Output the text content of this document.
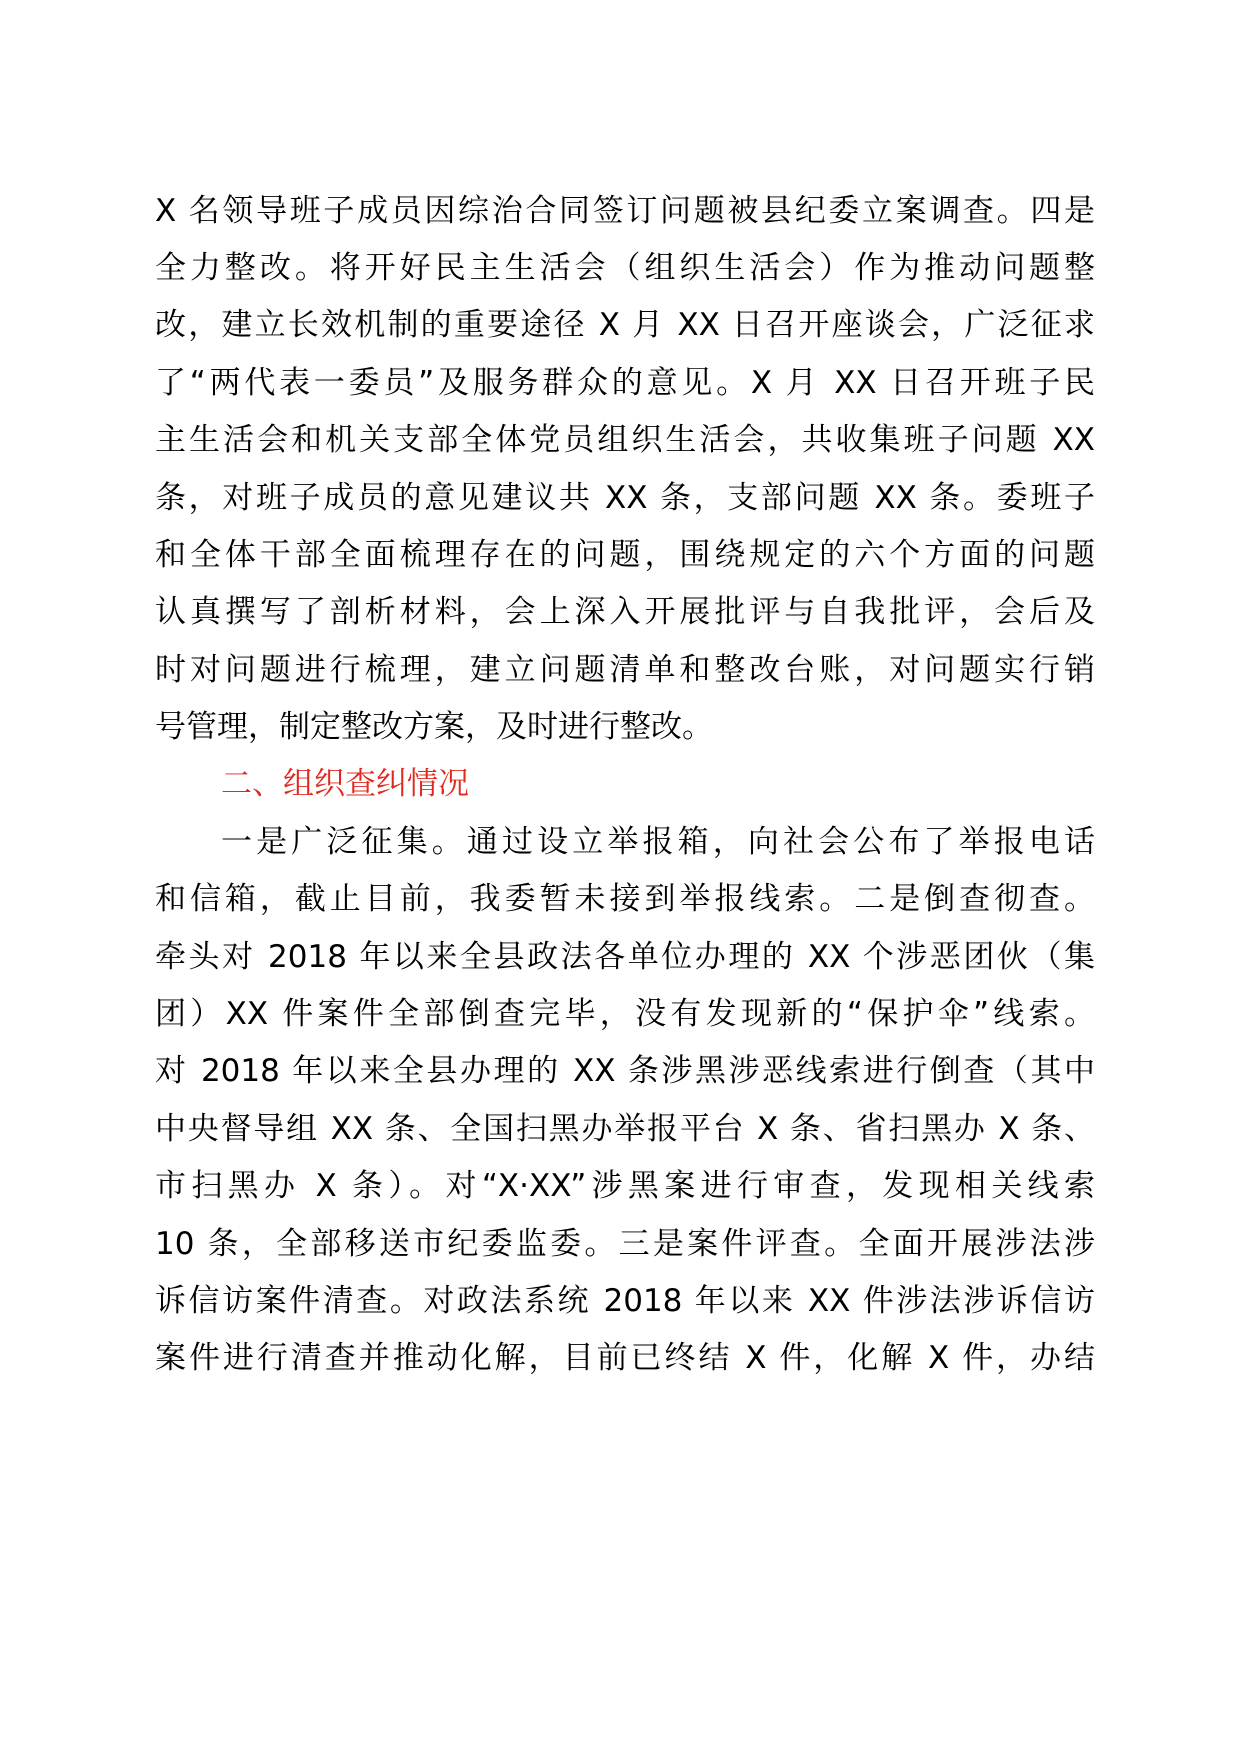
X 名领导班子成员因综治合同签订问题被县纪委立案调查。四是
全力整改。将开好民主生活会（组织生活会）作为推动问题整
改，建立长效机制的重要途径 X 月 XX 日召开座谈会，广泛征求
了“两代表一委员”及服务群众的意见。X 月 XX 日召开班子民
主生活会和机关支部全体党员组织生活会，共收集班子问题 XX
条，对班子成员的意见建议共 XX 条，支部问题 XX 条。委班子
和全体干部全面梳理存在的问题，围绕规定的六个方面的问题
认真撰写了剖析材料，会上深入开展批评与自我批评，会后及
时对问题进行梳理，建立问题清单和整改台账，对问题实行销
号管理，制定整改方案，及时进行整改。
二、组织查纠情况
一是广泛征集。通过设立举报箱，向社会公布了举报电话
和信箱，截止目前，我委暂未接到举报线索。二是倒查彻查。
牵头对 2018 年以来全县政法各单位办理的 XX 个涉恶团伙（集
团）XX 件案件全部倒查完毕，没有发现新的“保护伞”线索。
对 2018 年以来全县办理的 XX 条涉黑涉恶线索进行倒查（其中
中央督导组 XX 条、全国扫黑办举报平台 X 条、省扫黑办 X 条、
市扫黑办 X 条）。对“X·XX”涉黑案进行审查，发现相关线索
10 条，全部移送市纪委监委。三是案件评查。全面开展涉法涉
诉信访案件清查。对政法系统 2018 年以来 XX 件涉法涉诉信访
案件进行清查并推动化解，目前已终结 X 件，化解 X 件，办结
